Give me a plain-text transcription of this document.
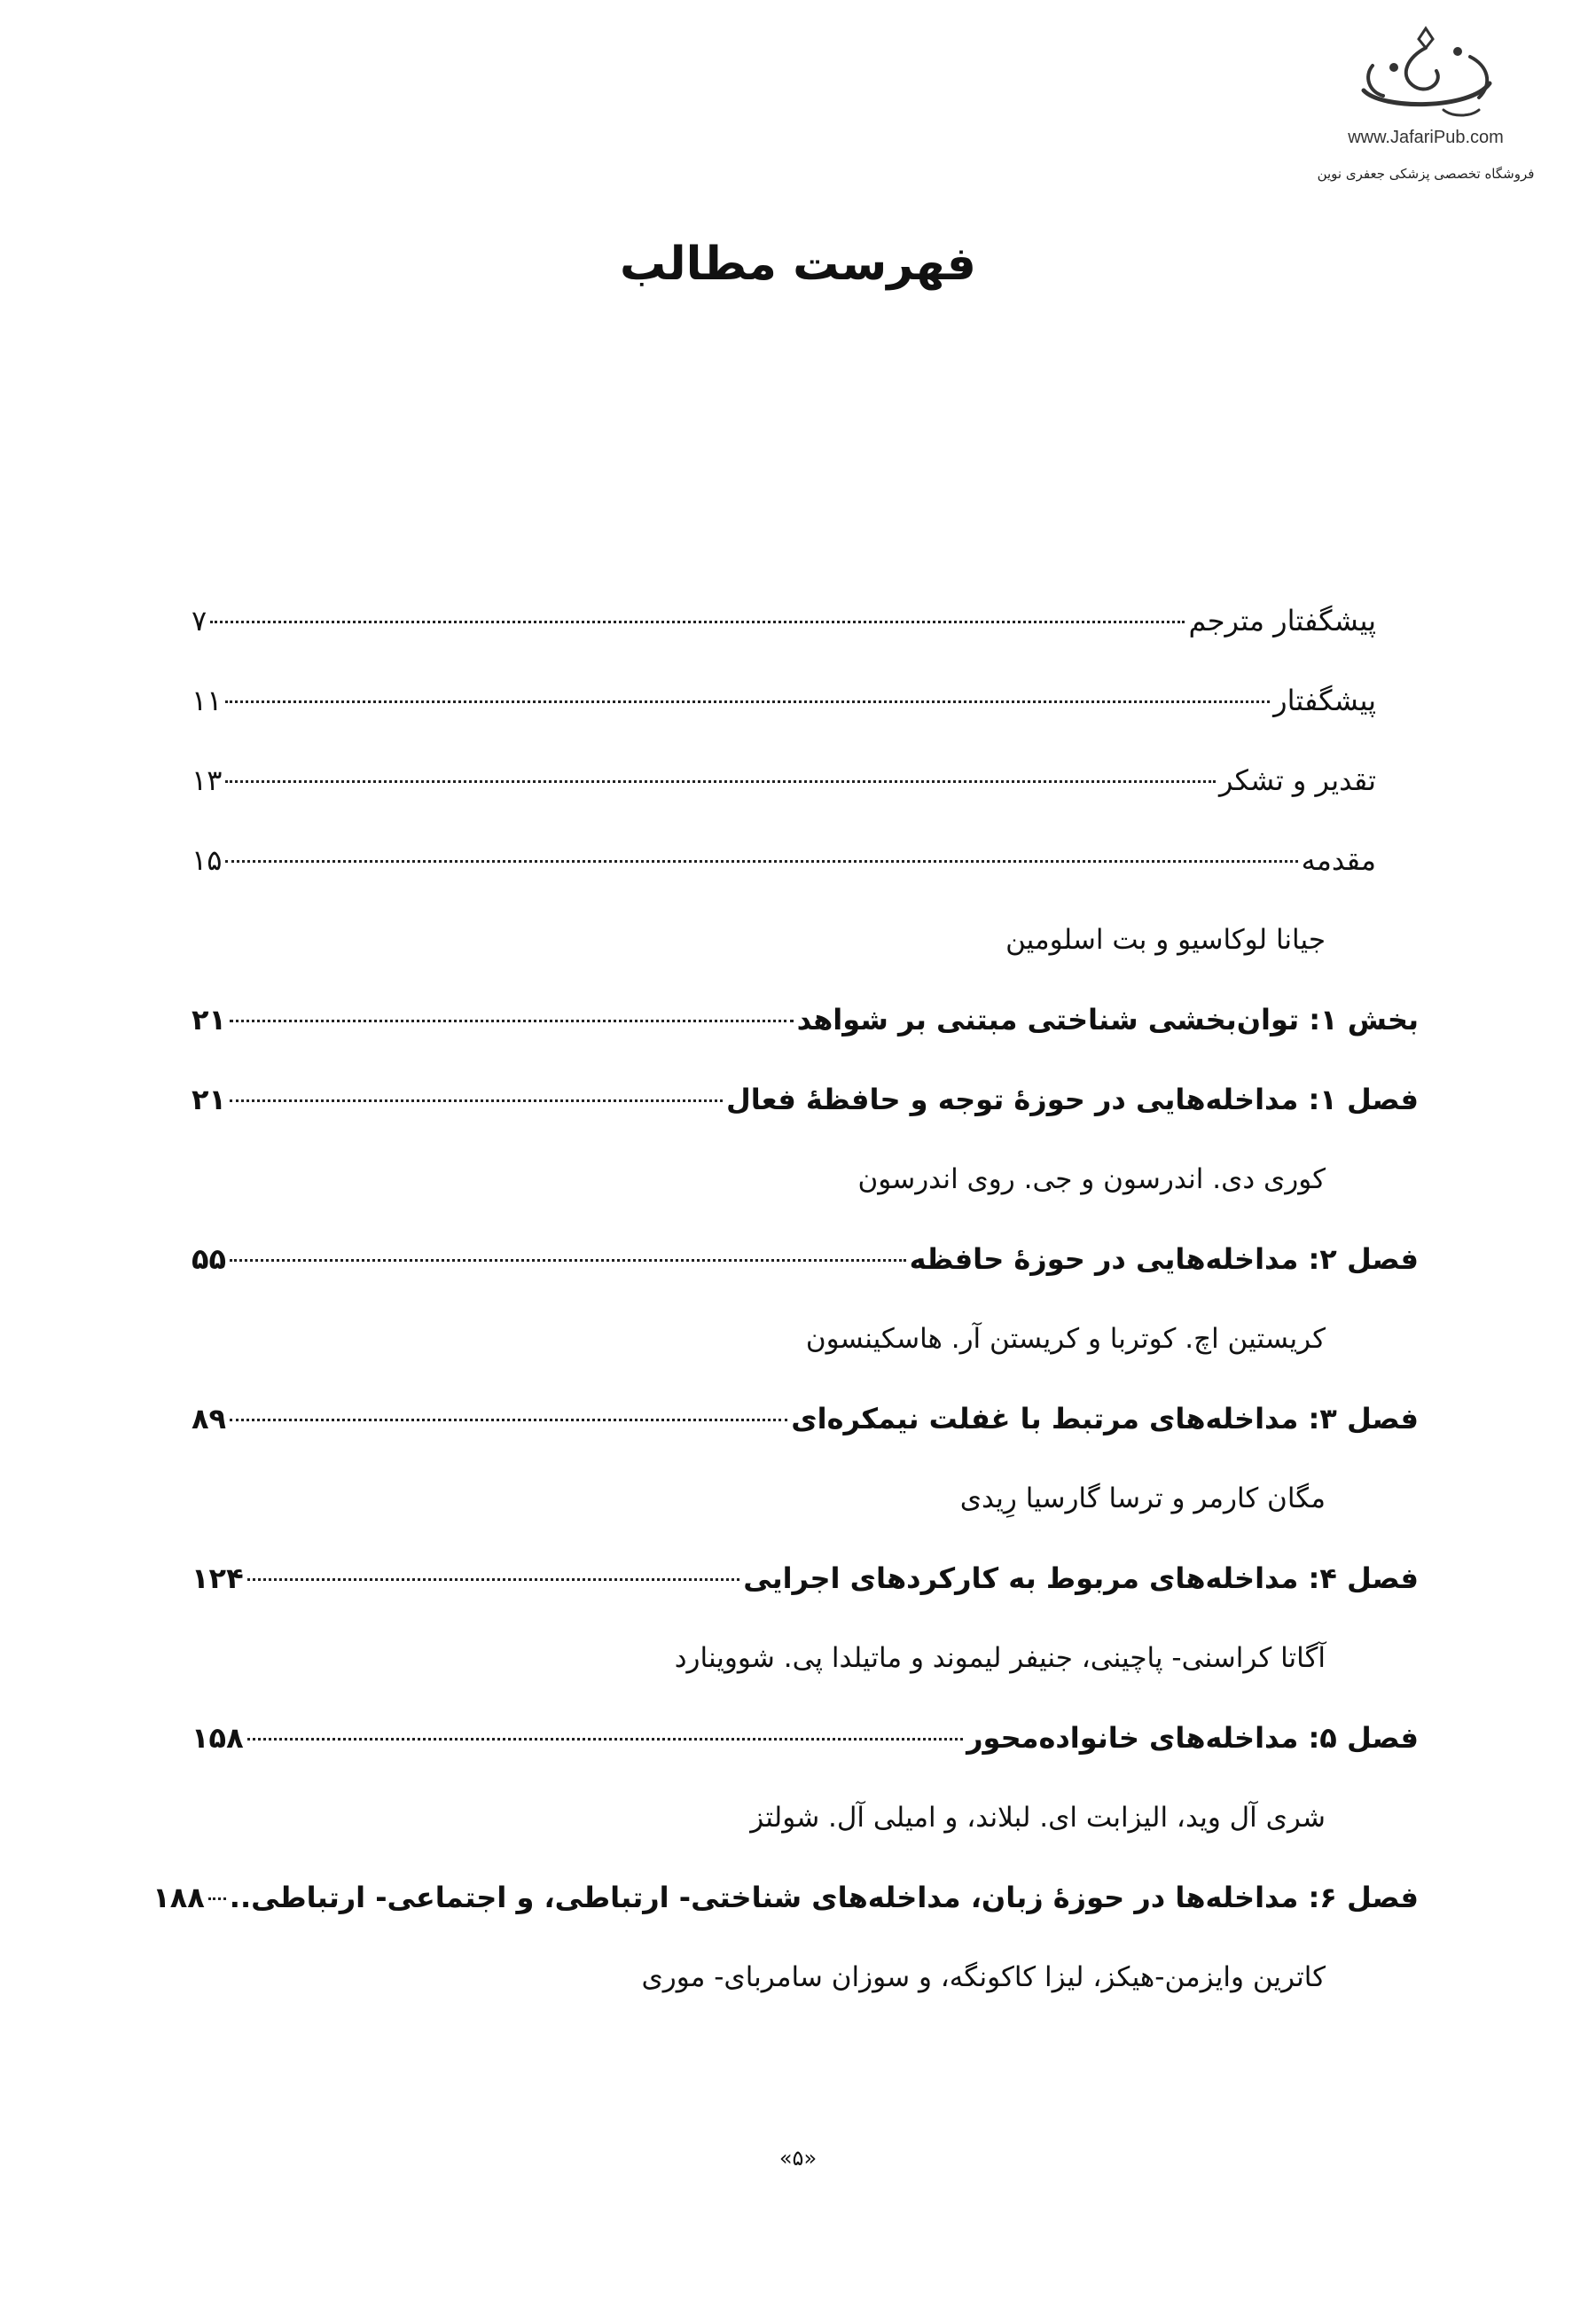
www.JafariPub.com
فروشگاه تخصصی پزشکی جعفری نوین
فهرست مطالب
پیشگفتار مترجم
۷
پیشگفتار
۱۱
تقدیر و تشکر
۱۳
مقدمه
۱۵
جیانا لوکاسیو و بت اسلومین
بخش ۱: توان‌بخشی شناختی مبتنی بر شواهد
۲۱
فصل ۱: مداخله‌هایی در حوزۀ توجه و حافظۀ فعال
۲۱
کوری دی. اندرسون و جی. روی اندرسون
فصل ۲: مداخله‌هایی در حوزۀ حافظه
۵۵
کریستین اچ. کوتربا و کریستن آر. هاسکینسون
فصل ۳: مداخله‌های مرتبط با غفلت نیمکره‌ای
۸۹
مگان کارمر و ترسا گارسیا رِیدی
فصل ۴: مداخله‌های مربوط به کارکردهای اجرایی
۱۲۴
آگاتا کراسنی- پاچینی، جنیفر لیموند و ماتیلدا پی. شووینارد
فصل ۵: مداخله‌های خانواده‌محور
۱۵۸
شری آل وید، الیزابت ای. لبلاند، و امیلی آل. شولتز
فصل ۶: مداخله‌ها در حوزۀ زبان، مداخله‌های شناختی- ارتباطی، و اجتماعی- ارتباطی..
۱۸۸
کاترین وایزمن-هیکز، لیزا کاکونگه، و سوزان سامربای- موری
«۵»
